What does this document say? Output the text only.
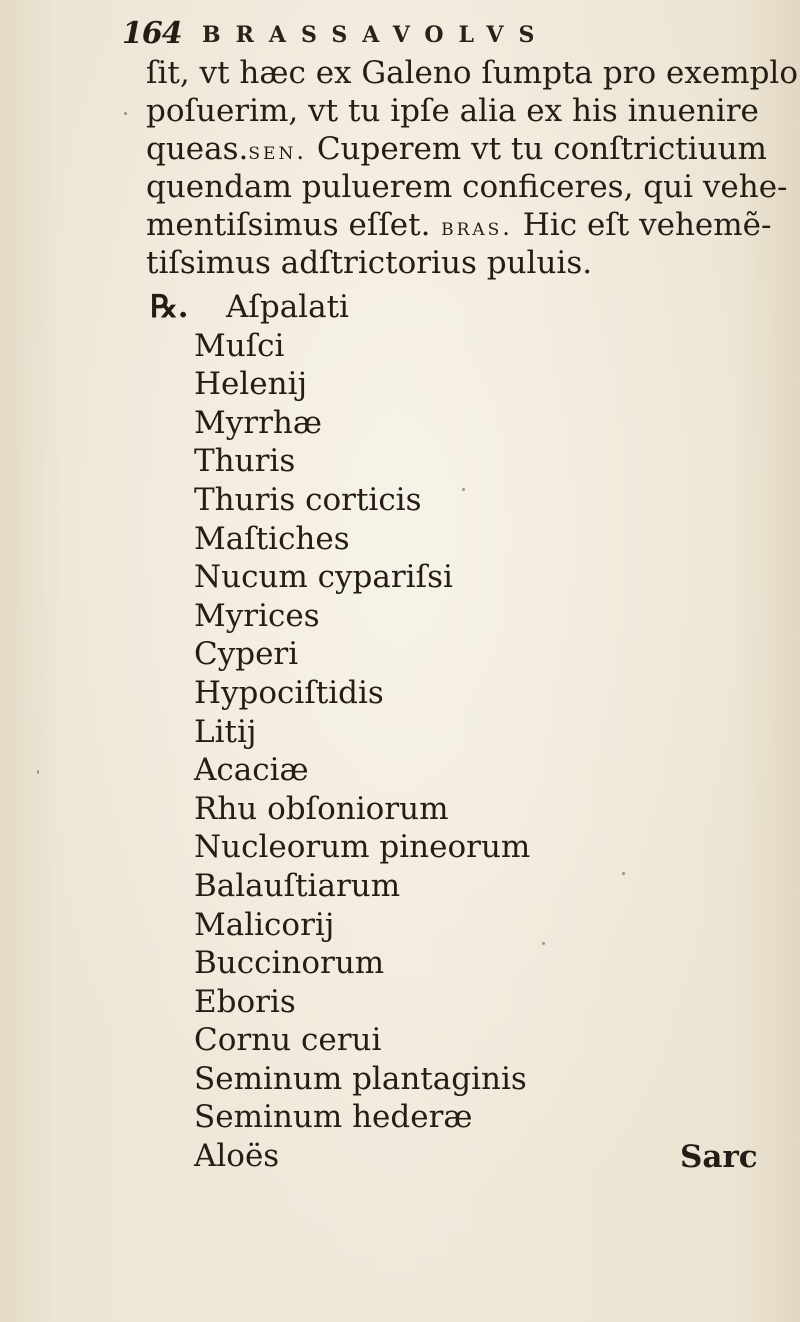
164 BRASSAVOLVS
ſit, vt hæc ex Galeno ſumpta pro exemplo
poſuerim, vt tu ipſe alia ex his inuenire
queas.sen. Cuperem vt tu conſtrictiuum
quendam puluerem conficeres, qui vehe-
mentiſsimus eſſet. bras. Hic eſt vehemẽ-
tiſsimus adſtrictorius puluis.
℞. Aſpalati
Muſci
Helenij
Myrrhæ
Thuris
Thuris corticis
Maſtiches
Nucum cypariſsi
Myrices
Cyperi
Hypociſtidis
Litij
Acaciæ
Rhu obſoniorum
Nucleorum pineorum
Balauſtiarum
Malicorij
Buccinorum
Eboris
Cornu cerui
Seminum plantaginis
Seminum hederæ
Aloës	Sarc
